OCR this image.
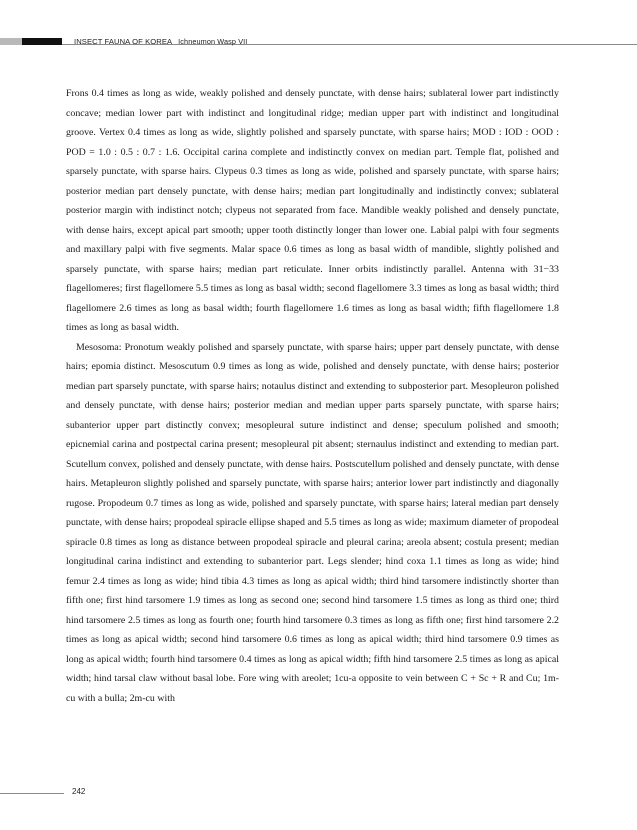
INSECT FAUNA OF KOREA Ichneumon Wasp VII

Frons 0.4 times as long as wide, weakly polished and densely punctate, with dense hairs; sublateral lower part indistinctly concave; median lower part with indistinct and longitudinal ridge; median upper part with indistinct and longitudinal groove. Vertex 0.4 times as long as wide, slightly polished and sparsely punctate, with sparse hairs; MOD : IOD : OOD : POD = 1.0 : 0.5 : 0.7 : 1.6. Occipital carina complete and indistinctly convex on median part. Temple flat, polished and sparsely punctate, with sparse hairs. Clypeus 0.3 times as long as wide, polished and sparsely punctate, with sparse hairs; posterior median part densely punctate, with dense hairs; median part longitudinally and indistinctly convex; sublateral posterior margin with indistinct notch; clypeus not separated from face. Mandible weakly polished and densely punctate, with dense hairs, except apical part smooth; upper tooth distinctly longer than lower one. Labial palpi with four segments and maxillary palpi with five segments. Malar space 0.6 times as long as basal width of mandible, slightly polished and sparsely punctate, with sparse hairs; median part reticulate. Inner orbits indistinctly parallel. Antenna with 31−33 flagellomeres; first flagellomere 5.5 times as long as basal width; second flagellomere 3.3 times as long as basal width; third flagellomere 2.6 times as long as basal width; fourth flagellomere 1.6 times as long as basal width; fifth flagellomere 1.8 times as long as basal width.

Mesosoma: Pronotum weakly polished and sparsely punctate, with sparse hairs; upper part densely punctate, with dense hairs; epomia distinct. Mesoscutum 0.9 times as long as wide, polished and densely punctate, with dense hairs; posterior median part sparsely punctate, with sparse hairs; notaulus distinct and extending to subposterior part. Mesopleuron polished and densely punctate, with dense hairs; posterior median and median upper parts sparsely punctate, with sparse hairs; subanterior upper part distinctly convex; mesopleural suture indistinct and dense; speculum polished and smooth; epicnemial carina and postpectal carina present; mesopleural pit absent; sternaulus indistinct and extending to median part. Scutellum convex, polished and densely punctate, with dense hairs. Postscutellum polished and densely punctate, with dense hairs. Metapleuron slightly polished and sparsely punctate, with sparse hairs; anterior lower part indistinctly and diagonally rugose. Propodeum 0.7 times as long as wide, polished and sparsely punctate, with sparse hairs; lateral median part densely punctate, with dense hairs; propodeal spiracle ellipse shaped and 5.5 times as long as wide; maximum diameter of propodeal spiracle 0.8 times as long as distance between propodeal spiracle and pleural carina; areola absent; costula present; median longitudinal carina indistinct and extending to subanterior part. Legs slender; hind coxa 1.1 times as long as wide; hind femur 2.4 times as long as wide; hind tibia 4.3 times as long as apical width; third hind tarsomere indistinctly shorter than fifth one; first hind tarsomere 1.9 times as long as second one; second hind tarsomere 1.5 times as long as third one; third hind tarsomere 2.5 times as long as fourth one; fourth hind tarsomere 0.3 times as long as fifth one; first hind tarsomere 2.2 times as long as apical width; second hind tarsomere 0.6 times as long as apical width; third hind tarsomere 0.9 times as long as apical width; fourth hind tarsomere 0.4 times as long as apical width; fifth hind tarsomere 2.5 times as long as apical width; hind tarsal claw without basal lobe. Fore wing with areolet; 1cu-a opposite to vein between C + Sc + R and Cu; 1m-cu with a bulla; 2m-cu with

242
